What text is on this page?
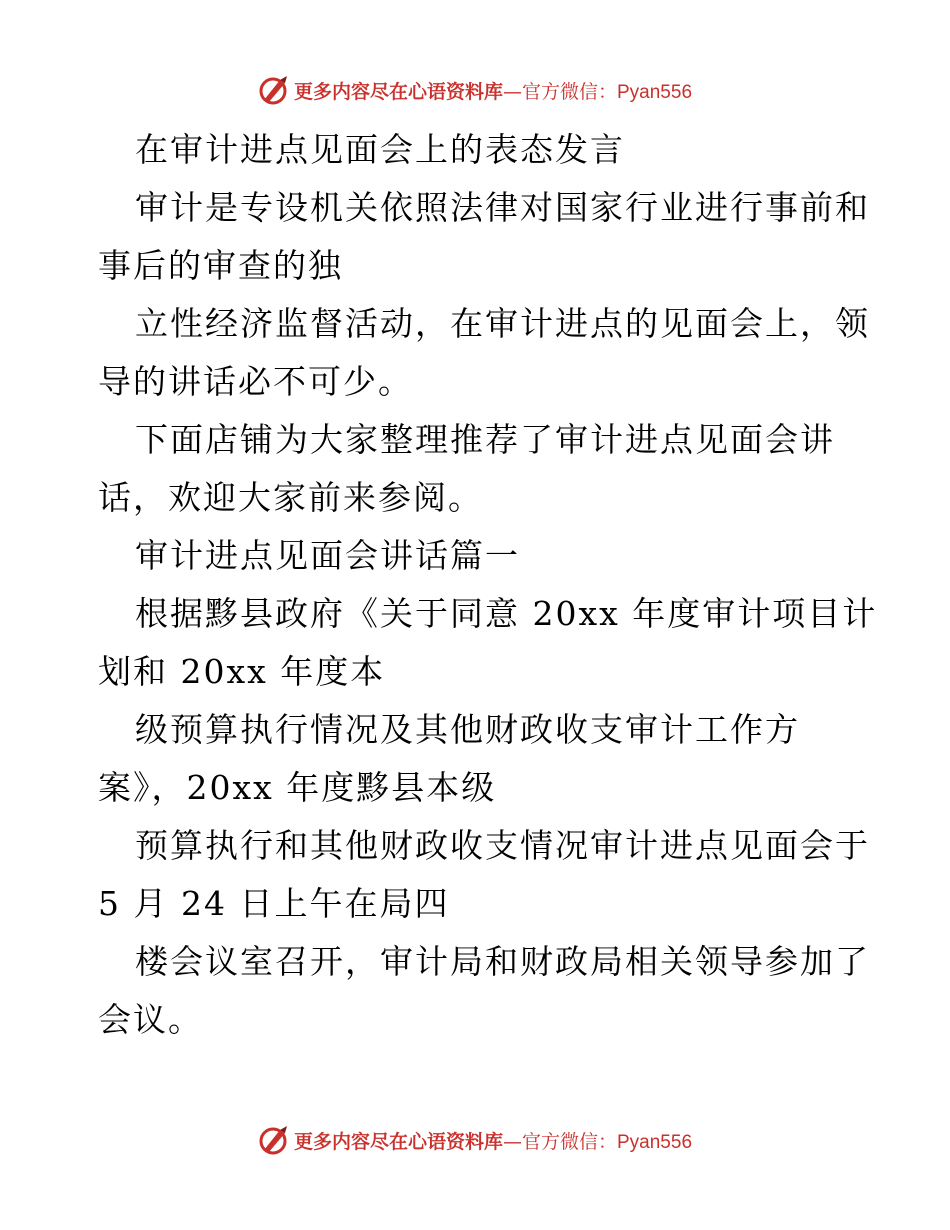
更多内容尽在心语资料库—官方微信：Pyan556
在审计进点见面会上的表态发言
审计是专设机关依照法律对国家行业进行事前和
事后的审查的独
立性经济监督活动，在审计进点的见面会上，领
导的讲话必不可少。
下面店铺为大家整理推荐了审计进点见面会讲
话，欢迎大家前来参阅。
审计进点见面会讲话篇一
根据黟县政府《关于同意 20xx 年度审计项目计
划和 20xx 年度本
级预算执行情况及其他财政收支审计工作方
案》，20xx 年度黟县本级
预算执行和其他财政收支情况审计进点见面会于
5 月 24 日上午在局四
楼会议室召开，审计局和财政局相关领导参加了
会议。
更多内容尽在心语资料库—官方微信：Pyan556
